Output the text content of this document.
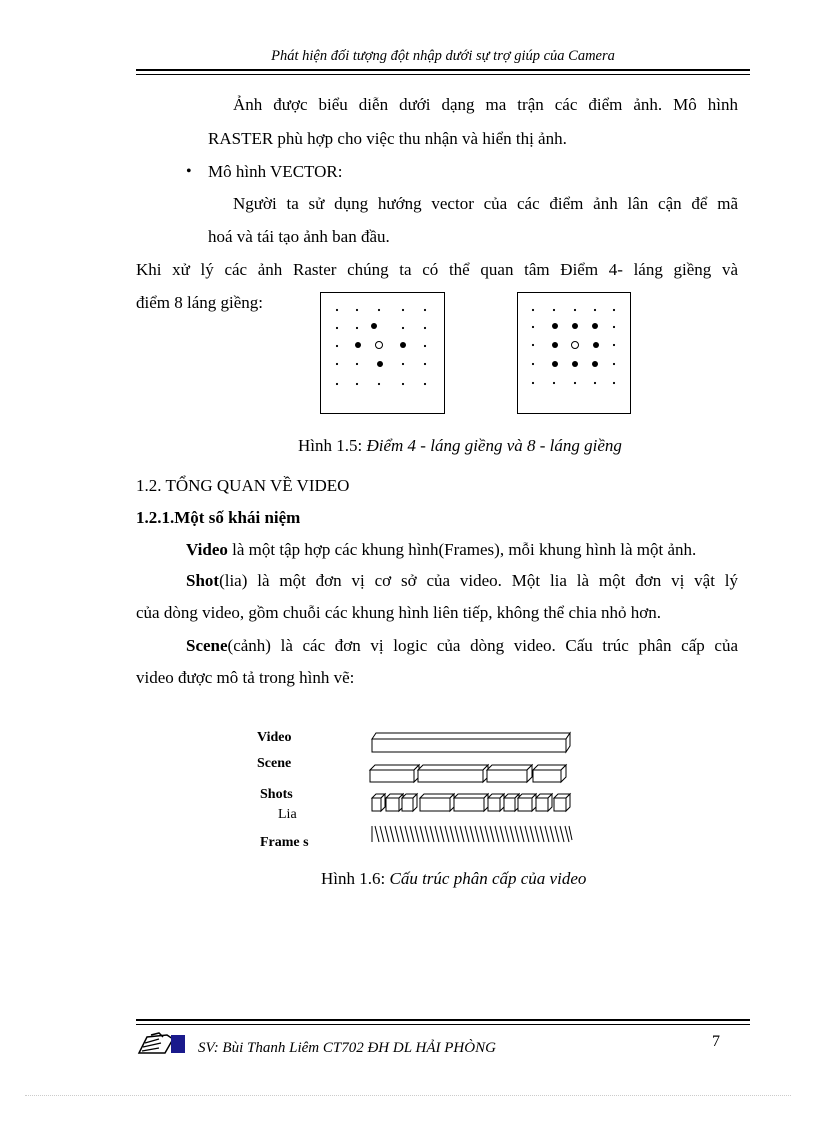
Phát hiện đối tượng đột nhập dưới sự trợ giúp của Camera
Ảnh được biểu diễn dưới dạng ma trận các điểm ảnh. Mô hình
RASTER phù hợp cho việc thu nhận và hiển thị ảnh.
• Mô hình VECTOR:
Người ta sử dụng hướng vector của các điểm ảnh lân cận để mã
hoá và tái tạo ảnh ban đầu.
Khi xử lý các ảnh Raster chúng ta có thể quan tâm Điểm 4- láng giềng và
điểm 8 láng giềng:
Hình 1.5: Điểm 4 - láng giềng và 8 - láng giềng
1.2. TỔNG QUAN VỀ VIDEO
1.2.1.Một số khái niệm
Video là một tập hợp các khung hình(Frames), mỗi khung hình là một ảnh.
Shot(lia) là một đơn vị cơ sở của video. Một lia là một đơn vị vật lý
của dòng video, gồm chuỗi các khung hình liên tiếp, không thể chia nhỏ hơn.
Scene(cảnh) là các đơn vị logic của dòng video. Cấu trúc phân cấp của
video được mô tả trong hình vẽ:
Video
Scene
Shots
Lia
Frame s
Hình 1.6: Cấu trúc phân cấp của video
SV: Bùi Thanh Liêm CT702 ĐH DL HẢI PHÒNG	7
